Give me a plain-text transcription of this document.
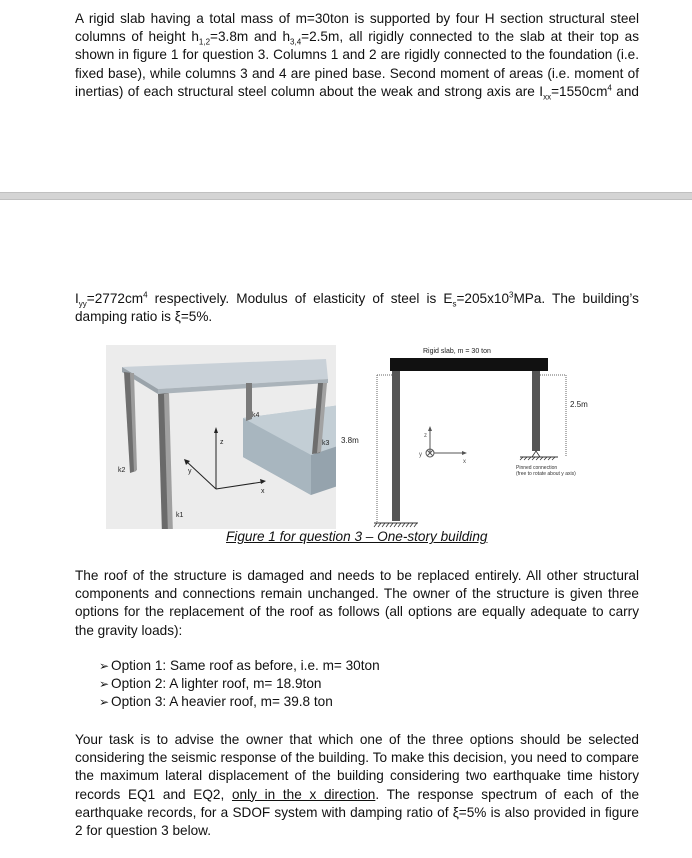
A rigid slab having a total mass of m=30ton is supported by four H section structural steel
columns of height $h_{1,2}=3.8m$ and $h_{3,4}=2.5m$, all rigidly connected to the slab at their top as
shown in figure 1 for question 3. Columns 1 and 2 are rigidly connected to the foundation (i.e.
fixed base), while columns 3 and 4 are pined base. Second moment of areas (i.e. moment of
inertias) of each structural steel column about the weak and strong axis are $I_{xx}=1550cm^4$ and
$I_{yy}=2772cm^4$ respectively. Modulus of elasticity of steel is $E_s=205x10^3MPa$. The building’s
damping ratio is ξ=5%.
z
y
x
k2
k1
k4
k3
Rigid slab, m = 30 ton
3.8m
2.5m
Pinned connection
(free to rotate about y axis)
z
y
x
Figure 1 for question 3 – One-story building
The roof of the structure is damaged and needs to be replaced entirely. All other structural
components and connections remain unchanged. The owner of the structure is given three
options for the replacement of the roof as follows (all options are equally adequate to carry
the gravity loads):
➢ Option 1: Same roof as before, i.e. m= 30ton
➢ Option 2: A lighter roof, m= 18.9ton
➢ Option 3: A heavier roof, m= 39.8 ton
Your task is to advise the owner that which one of the three options should be selected
considering the seismic response of the building. To make this decision, you need to compare
the maximum lateral displacement of the building considering two earthquake time history
records EQ1 and EQ2, only in the x direction. The response spectrum of each of the
earthquake records, for a SDOF system with damping ratio of ξ=5% is also provided in figure
2 for question 3 below.
